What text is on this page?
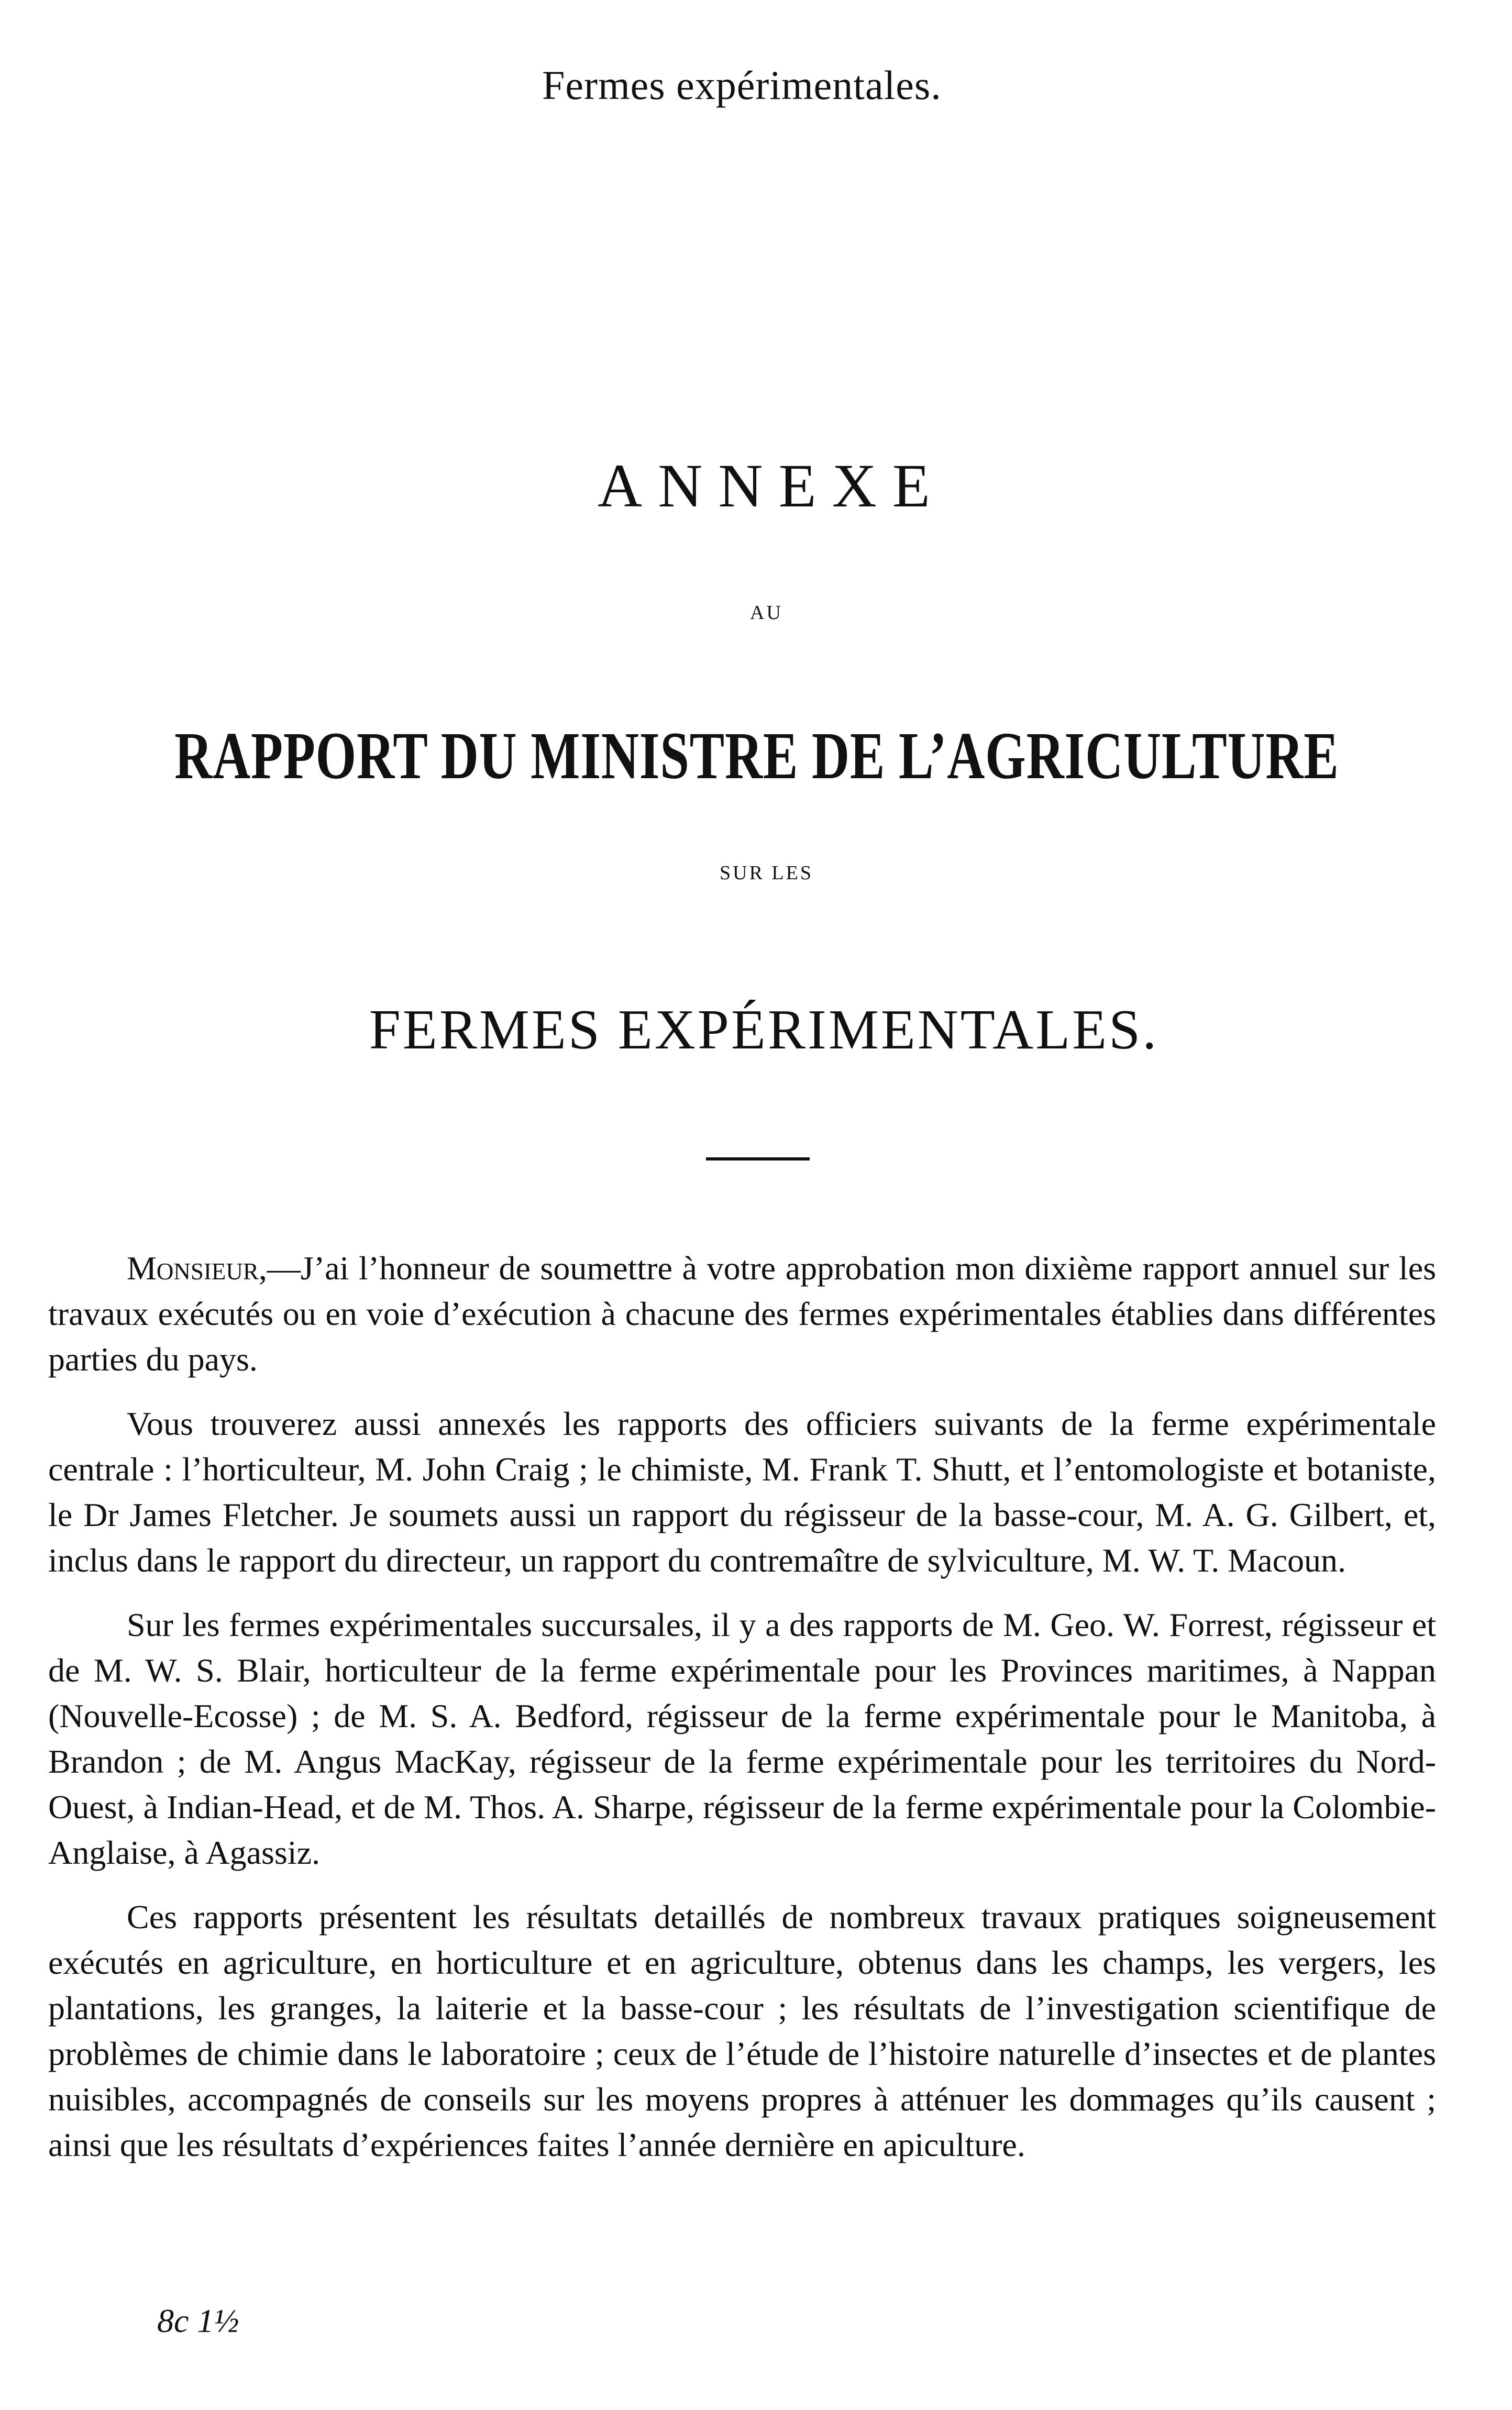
Fermes expérimentales.
ANNEXE
AU
RAPPORT DU MINISTRE DE L’AGRICULTURE
SUR LES
FERMES EXPÉRIMENTALES.

Monsieur,—J’ai l’honneur de soumettre à votre approbation mon dixième rapport annuel sur les travaux exécutés ou en voie d’exécution à chacune des fermes expérimentales établies dans différentes parties du pays.

Vous trouverez aussi annexés les rapports des officiers suivants de la ferme expérimentale centrale : l’horticulteur, M. John Craig ; le chimiste, M. Frank T. Shutt, et l’entomologiste et botaniste, le Dr James Fletcher. Je soumets aussi un rapport du régisseur de la basse-cour, M. A. G. Gilbert, et, inclus dans le rapport du directeur, un rapport du contremaître de sylviculture, M. W. T. Macoun.

Sur les fermes expérimentales succursales, il y a des rapports de M. Geo. W. Forrest, régisseur et de M. W. S. Blair, horticulteur de la ferme expérimentale pour les Provinces maritimes, à Nappan (Nouvelle-Ecosse) ; de M. S. A. Bedford, régisseur de la ferme expérimentale pour le Manitoba, à Brandon ; de M. Angus MacKay, régisseur de la ferme expérimentale pour les territoires du Nord-Ouest, à Indian-Head, et de M. Thos. A. Sharpe, régisseur de la ferme expérimentale pour la Colombie-Anglaise, à Agassiz.

Ces rapports présentent les résultats detaillés de nombreux travaux pratiques soigneusement exécutés en agriculture, en horticulture et en agriculture, obtenus dans les champs, les vergers, les plantations, les granges, la laiterie et la basse-cour ; les résultats de l’investigation scientifique de problèmes de chimie dans le laboratoire ; ceux de l’étude de l’histoire naturelle d’insectes et de plantes nuisibles, accompagnés de conseils sur les moyens propres à atténuer les dommages qu’ils causent ; ainsi que les résultats d’expériences faites l’année dernière en apiculture.

8c 1½
